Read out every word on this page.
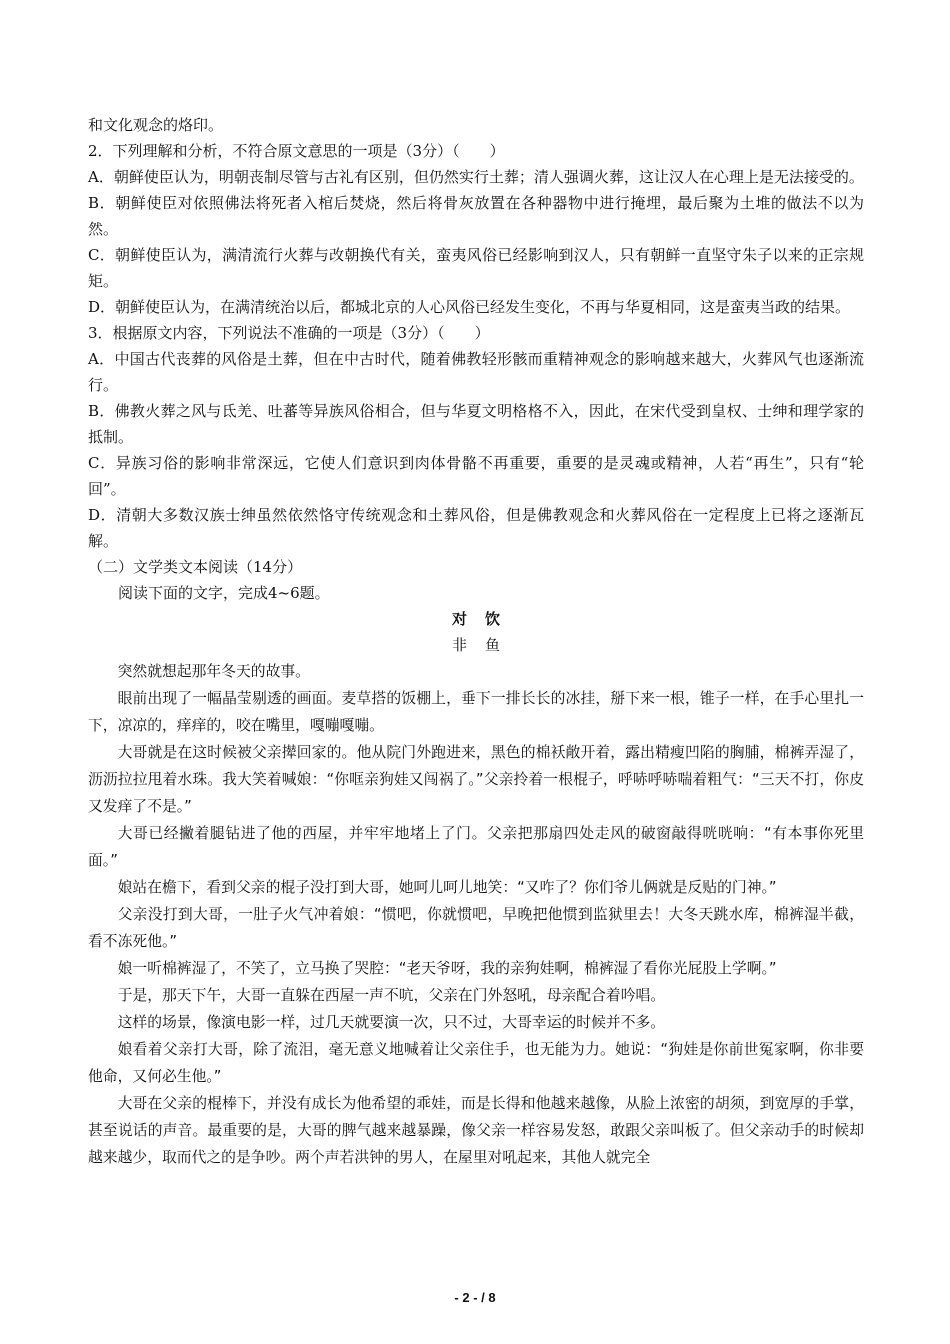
和文化观念的烙印。

2．下列理解和分析，不符合原文意思的一项是（3分）（　　）

A．朝鲜使臣认为，明朝丧制尽管与古礼有区别，但仍然实行土葬；清人强调火葬，这让汉人在心理上是无法接受的。

B．朝鲜使臣对依照佛法将死者入棺后焚烧，然后将骨灰放置在各种器物中进行掩埋，最后聚为土堆的做法不以为然。

C．朝鲜使臣认为，满清流行火葬与改朝换代有关，蛮夷风俗已经影响到汉人，只有朝鲜一直坚守朱子以来的正宗规矩。

D．朝鲜使臣认为，在满清统治以后，都城北京的人心风俗已经发生变化，不再与华夏相同，这是蛮夷当政的结果。

3．根据原文内容，下列说法不准确的一项是（3分）（　　）

A．中国古代丧葬的风俗是土葬，但在中古时代，随着佛教轻形骸而重精神观念的影响越来越大，火葬风气也逐渐流行。

B．佛教火葬之风与氐羌、吐蕃等异族风俗相合，但与华夏文明格格不入，因此，在宋代受到皇权、士绅和理学家的抵制。

C．异族习俗的影响非常深远，它使人们意识到肉体骨骼不再重要，重要的是灵魂或精神，人若“再生”，只有“轮回”。

D．清朝大多数汉族士绅虽然依然恪守传统观念和土葬风俗，但是佛教观念和火葬风俗在一定程度上已将之逐渐瓦解。

（二）文学类文本阅读（14分）

阅读下面的文字，完成4~6题。

对饮

非鱼

突然就想起那年冬天的故事。

眼前出现了一幅晶莹剔透的画面。麦草搭的饭棚上，垂下一排长长的冰挂，掰下来一根，锥子一样，在手心里扎一下，凉凉的，痒痒的，咬在嘴里，嘎嘣嘎嘣。

大哥就是在这时候被父亲撵回家的。他从院门外跑进来，黑色的棉袄敞开着，露出精瘦凹陷的胸脯，棉裤弄湿了，沥沥拉拉甩着水珠。我大笑着喊娘：“你哐亲狗娃又闯祸了。”父亲拎着一根棍子，呼哧呼哧喘着粗气：“三天不打，你皮又发痒了不是。”

大哥已经撇着腿钻进了他的西屋，并牢牢地堵上了门。父亲把那扇四处走风的破窗敲得咣咣响：“有本事你死里面。”

娘站在檐下，看到父亲的棍子没打到大哥，她呵儿呵儿地笑：“又咋了？你们爷儿俩就是反贴的门神。”

父亲没打到大哥，一肚子火气冲着娘：“惯吧，你就惯吧，早晚把他惯到监狱里去！大冬天跳水库，棉裤湿半截，看不冻死他。”

娘一听棉裤湿了，不笑了，立马换了哭腔：“老天爷呀，我的亲狗娃啊，棉裤湿了看你光屁股上学啊。”

于是，那天下午，大哥一直躲在西屋一声不吭，父亲在门外怒吼，母亲配合着吟唱。

这样的场景，像演电影一样，过几天就要演一次，只不过，大哥幸运的时候并不多。

娘看着父亲打大哥，除了流泪，毫无意义地喊着让父亲住手，也无能为力。她说：“狗娃是你前世冤家啊，你非要他命，又何必生他。”

大哥在父亲的棍棒下，并没有成长为他希望的乖娃，而是长得和他越来越像，从脸上浓密的胡须，到宽厚的手掌，甚至说话的声音。最重要的是，大哥的脾气越来越暴躁，像父亲一样容易发怒，敢跟父亲叫板了。但父亲动手的时候却越来越少，取而代之的是争吵。两个声若洪钟的男人，在屋里对吼起来，其他人就完全

- 2 - / 8
